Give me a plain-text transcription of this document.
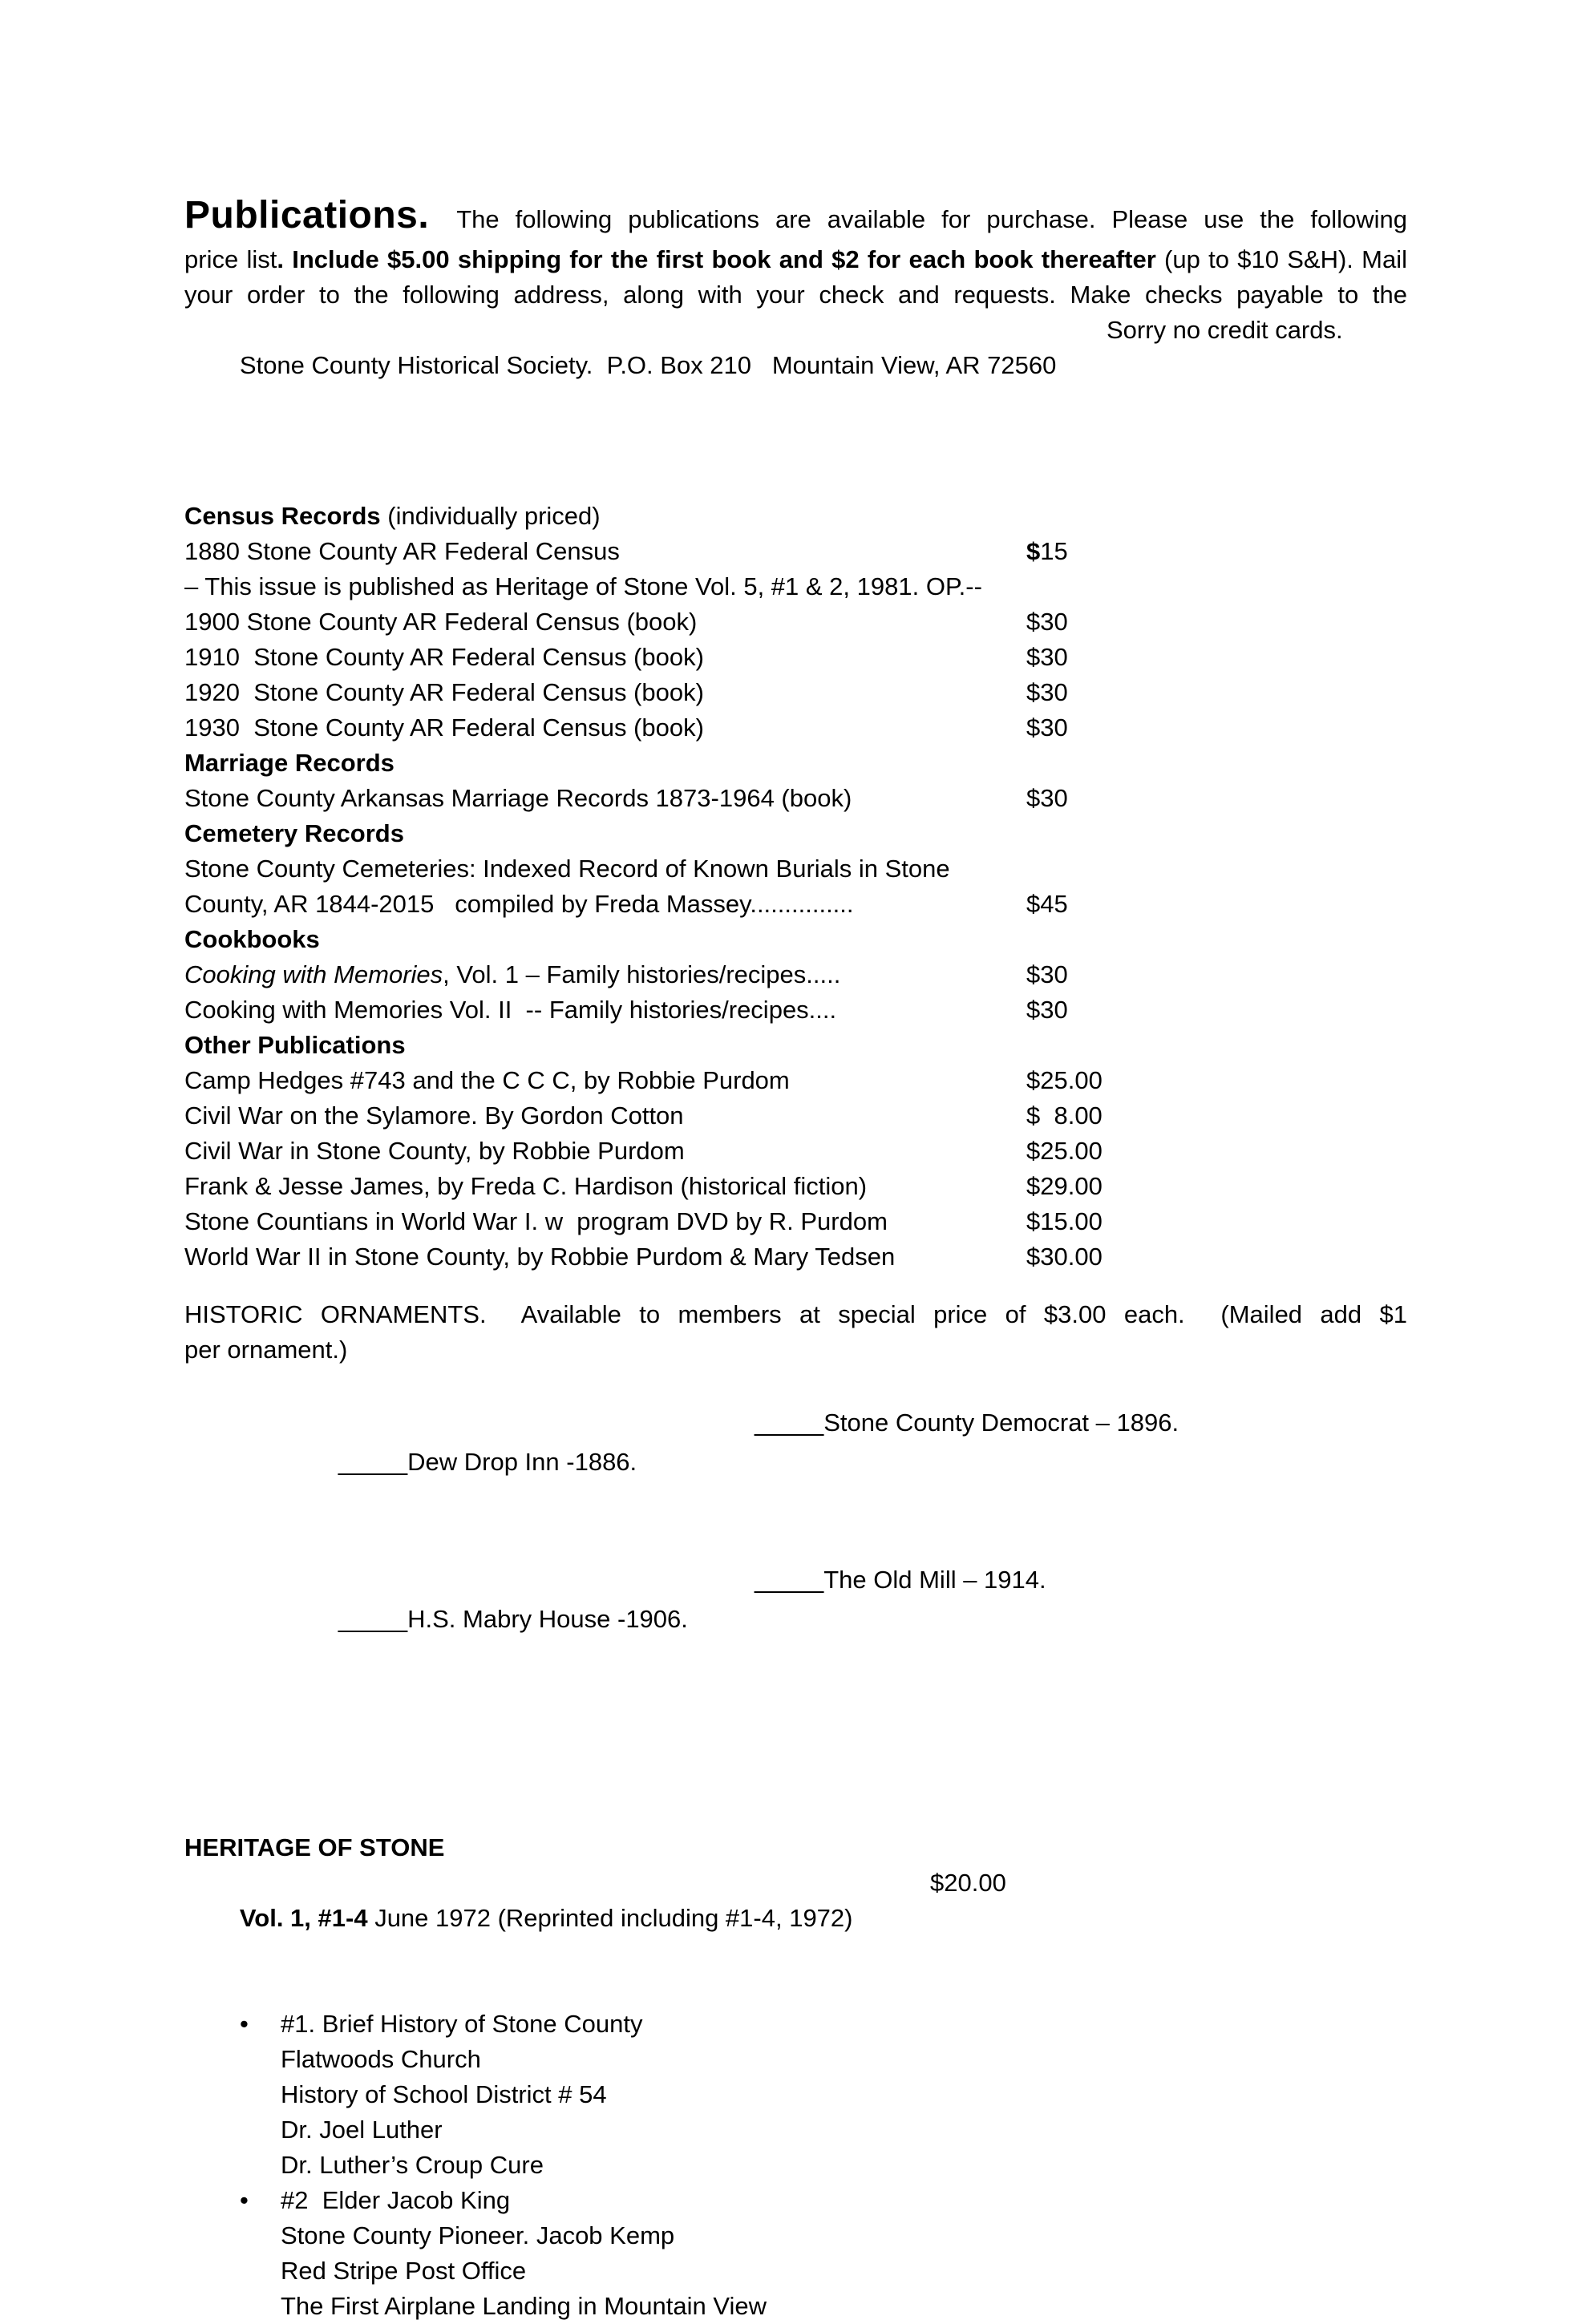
Publications. The following publications are available for purchase. Please use the following
price list. Include $5.00 shipping for the first book and $2 for each book thereafter (up to $10 S&H). Mail
your order to the following address, along with your check and requests. Make checks payable to the

Stone County Historical Society.  P.O. Box 210   Mountain View, AR 72560

Sorry no credit cards.

Census Records (individually priced)
1880 Stone County AR Federal Census	$15
– This issue is published as Heritage of Stone Vol. 5, #1 & 2, 1981. OP.--
1900 Stone County AR Federal Census (book)	$30
1910  Stone County AR Federal Census (book)	$30
1920  Stone County AR Federal Census (book)	$30
1930  Stone County AR Federal Census (book)	$30
Marriage Records
Stone County Arkansas Marriage Records 1873-1964 (book)	$30
Cemetery Records
Stone County Cemeteries: Indexed Record of Known Burials in Stone
County, AR 1844-2015   compiled by Freda Massey...............	$45
Cookbooks
Cooking with Memories, Vol. 1 – Family histories/recipes.....	$30
Cooking with Memories Vol. II  -- Family histories/recipes....	$30
Other Publications
Camp Hedges #743 and the C C C, by Robbie Purdom	$25.00
Civil War on the Sylamore. By Gordon Cotton	$  8.00
Civil War in Stone County, by Robbie Purdom	$25.00
Frank & Jesse James, by Freda C. Hardison (historical fiction)	$29.00
Stone Countians in World War I. w  program DVD by R. Purdom	$15.00
World War II in Stone County, by Robbie Purdom & Mary Tedsen	$30.00
HISTORIC ORNAMENTS.  Available to members at special price of $3.00 each.  (Mailed add $1
per ornament.)

_____Dew Drop Inn -1886.

_____Stone County Democrat – 1896.

_____H.S. Mabry House -1906.

_____The Old Mill – 1914.

HERITAGE OF STONE

Vol. 1, #1-4 June 1972 (Reprinted including #1-4, 1972)

$20.00

• #1. Brief History of Stone County
Flatwoods Church
History of School District # 54
Dr. Joel Luther
Dr. Luther’s Croup Cure
• #2  Elder Jacob King
Stone County Pioneer. Jacob Kemp
Red Stripe Post Office
The First Airplane Landing in Mountain View
